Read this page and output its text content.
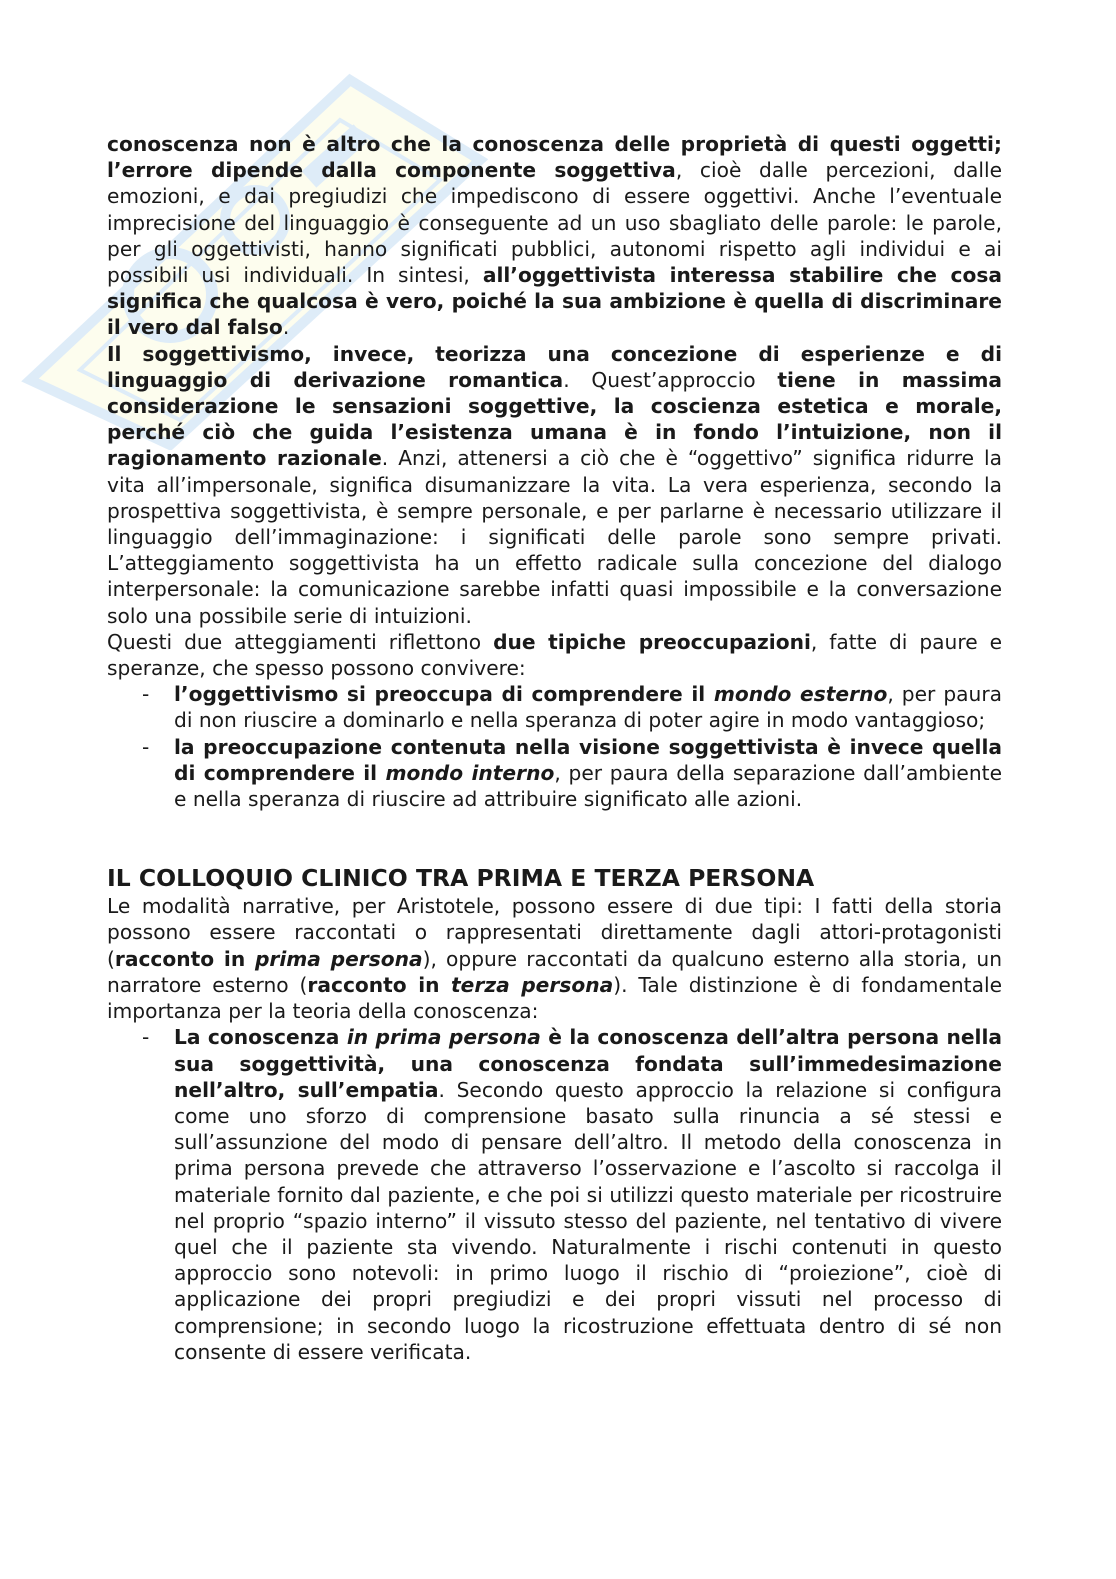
conoscenza non è altro che la conoscenza delle proprietà di questi oggetti; l’errore dipende dalla componente soggettiva, cioè dalle percezioni, dalle emozioni, e dai pregiudizi che impediscono di essere oggettivi. Anche l’eventuale imprecisione del linguaggio è conseguente ad un uso sbagliato delle parole: le parole, per gli oggettivisti, hanno significati pubblici, autonomi rispetto agli individui e ai possibili usi individuali. In sintesi, all’oggettivista interessa stabilire che cosa significa che qualcosa è vero, poiché la sua ambizione è quella di discriminare il vero dal falso.

Il soggettivismo, invece, teorizza una concezione di esperienze e di linguaggio di derivazione romantica. Quest’approccio tiene in massima considerazione le sensazioni soggettive, la coscienza estetica e morale, perché ciò che guida l’esistenza umana è in fondo l’intuizione, non il ragionamento razionale. Anzi, attenersi a ciò che è “oggettivo” significa ridurre la vita all’impersonale, significa disumanizzare la vita. La vera esperienza, secondo la prospettiva soggettivista, è sempre personale, e per parlarne è necessario utilizzare il linguaggio dell’immaginazione: i significati delle parole sono sempre privati. L’atteggiamento soggettivista ha un effetto radicale sulla concezione del dialogo interpersonale: la comunicazione sarebbe infatti quasi impossibile e la conversazione solo una possibile serie di intuizioni.

Questi due atteggiamenti riflettono due tipiche preoccupazioni, fatte di paure e speranze, che spesso possono convivere:

- l’oggettivismo si preoccupa di comprendere il mondo esterno, per paura di non riuscire a dominarlo e nella speranza di poter agire in modo vantaggioso;
- la preoccupazione contenuta nella visione soggettivista è invece quella di comprendere il mondo interno, per paura della separazione dall’ambiente e nella speranza di riuscire ad attribuire significato alle azioni.
IL COLLOQUIO CLINICO TRA PRIMA E TERZA PERSONA

Le modalità narrative, per Aristotele, possono essere di due tipi: I fatti della storia possono essere raccontati o rappresentati direttamente dagli attori-protagonisti (racconto in prima persona), oppure raccontati da qualcuno esterno alla storia, un narratore esterno (racconto in terza persona). Tale distinzione è di fondamentale importanza per la teoria della conoscenza:

- La conoscenza in prima persona è la conoscenza dell’altra persona nella sua soggettività, una conoscenza fondata sull’immedesimazione nell’altro, sull’empatia. Secondo questo approccio la relazione si configura come uno sforzo di comprensione basato sulla rinuncia a sé stessi e sull’assunzione del modo di pensare dell’altro. Il metodo della conoscenza in prima persona prevede che attraverso l’osservazione e l’ascolto si raccolga il materiale fornito dal paziente, e che poi si utilizzi questo materiale per ricostruire nel proprio “spazio interno” il vissuto stesso del paziente, nel tentativo di vivere quel che il paziente sta vivendo. Naturalmente i rischi contenuti in questo approccio sono notevoli: in primo luogo il rischio di “proiezione”, cioè di applicazione dei propri pregiudizi e dei propri vissuti nel processo di comprensione; in secondo luogo la ricostruzione effettuata dentro di sé non consente di essere verificata.
